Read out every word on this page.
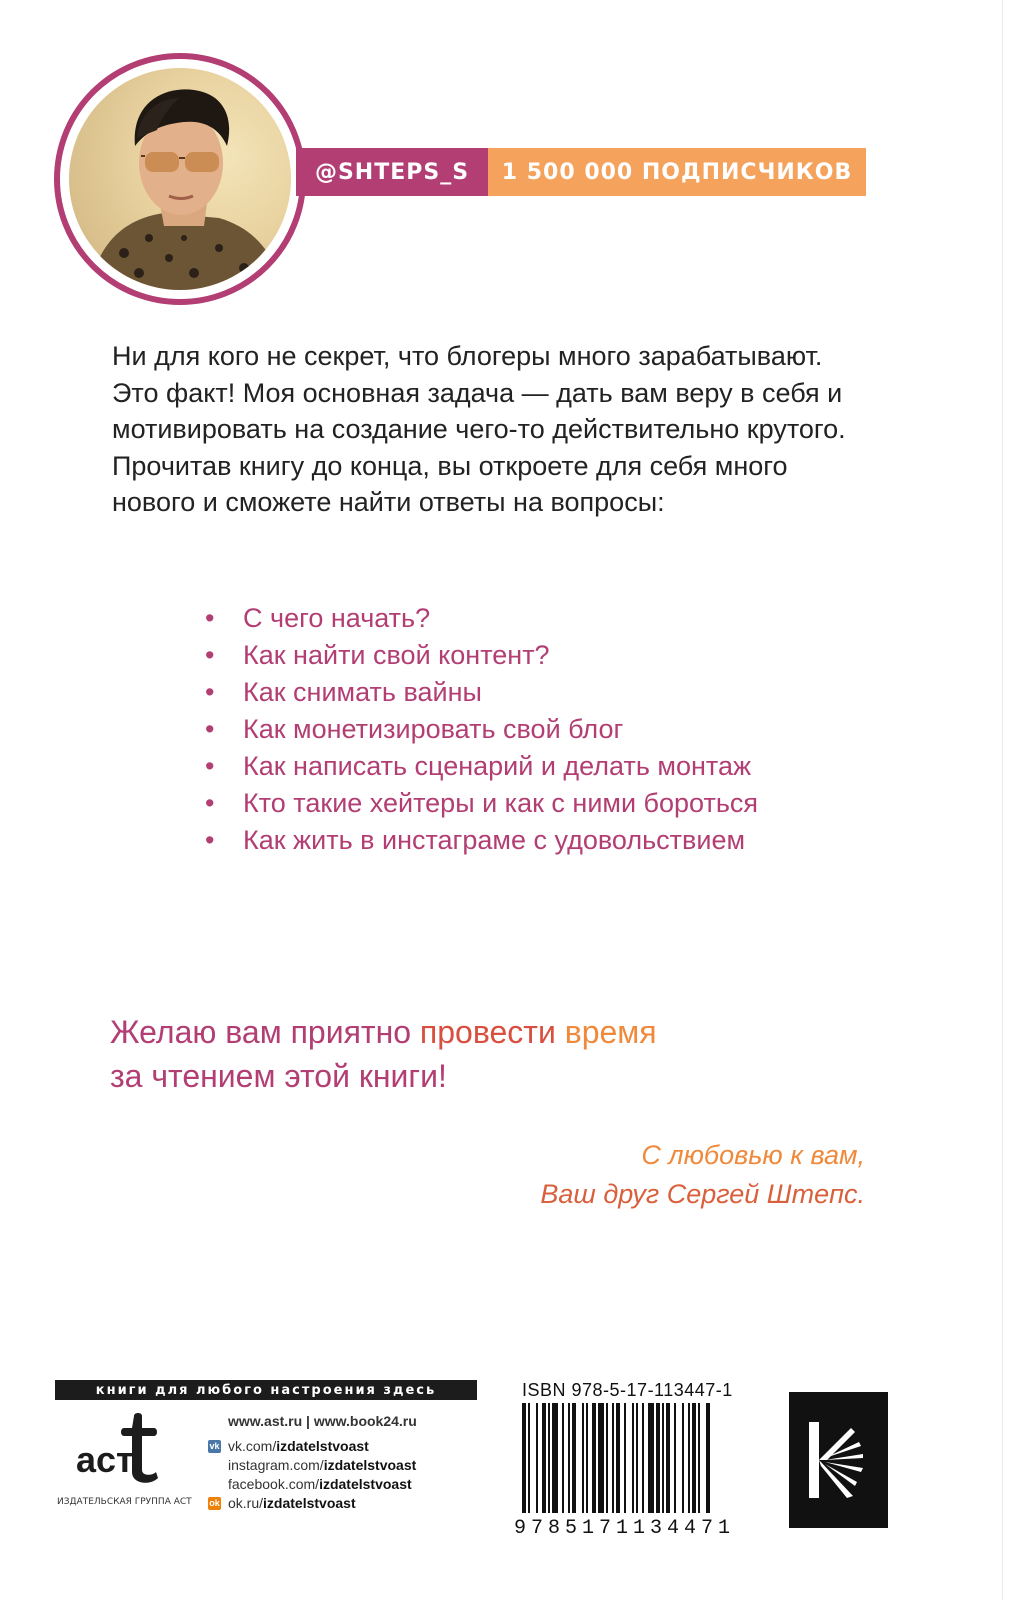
@SHTEPS_S	1 500 000 ПОДПИСЧИКОВ

Ни для кого не секрет, что блогеры много зарабатывают. Это факт! Моя основная задача — дать вам веру в себя и мотивировать на создание чего-то действительно крутого.

Прочитав книгу до конца, вы откроете для себя много нового и сможете найти ответы на вопросы:

• С чего начать?
• Как найти свой контент?
• Как снимать вайны
• Как монетизировать свой блог
• Как написать сценарий и делать монтаж
• Кто такие хейтеры и как с ними бороться
• Как жить в инстаграме с удовольствием
Желаю вам приятно провести время
за чтением этой книги!
С любовью к вам,
Ваш друг Сергей Штепс.
книги для любого настроения здесь
аст
ИЗДАТЕЛЬСКАЯ ГРУППА АСТ
www.ast.ru | www.book24.ru
vk vk.com/izdatelstvoast
instagram.com/izdatelstvoast
facebook.com/izdatelstvoast
ok ok.ru/izdatelstvoast
ISBN 978-5-17-113447-1
9785171134471
